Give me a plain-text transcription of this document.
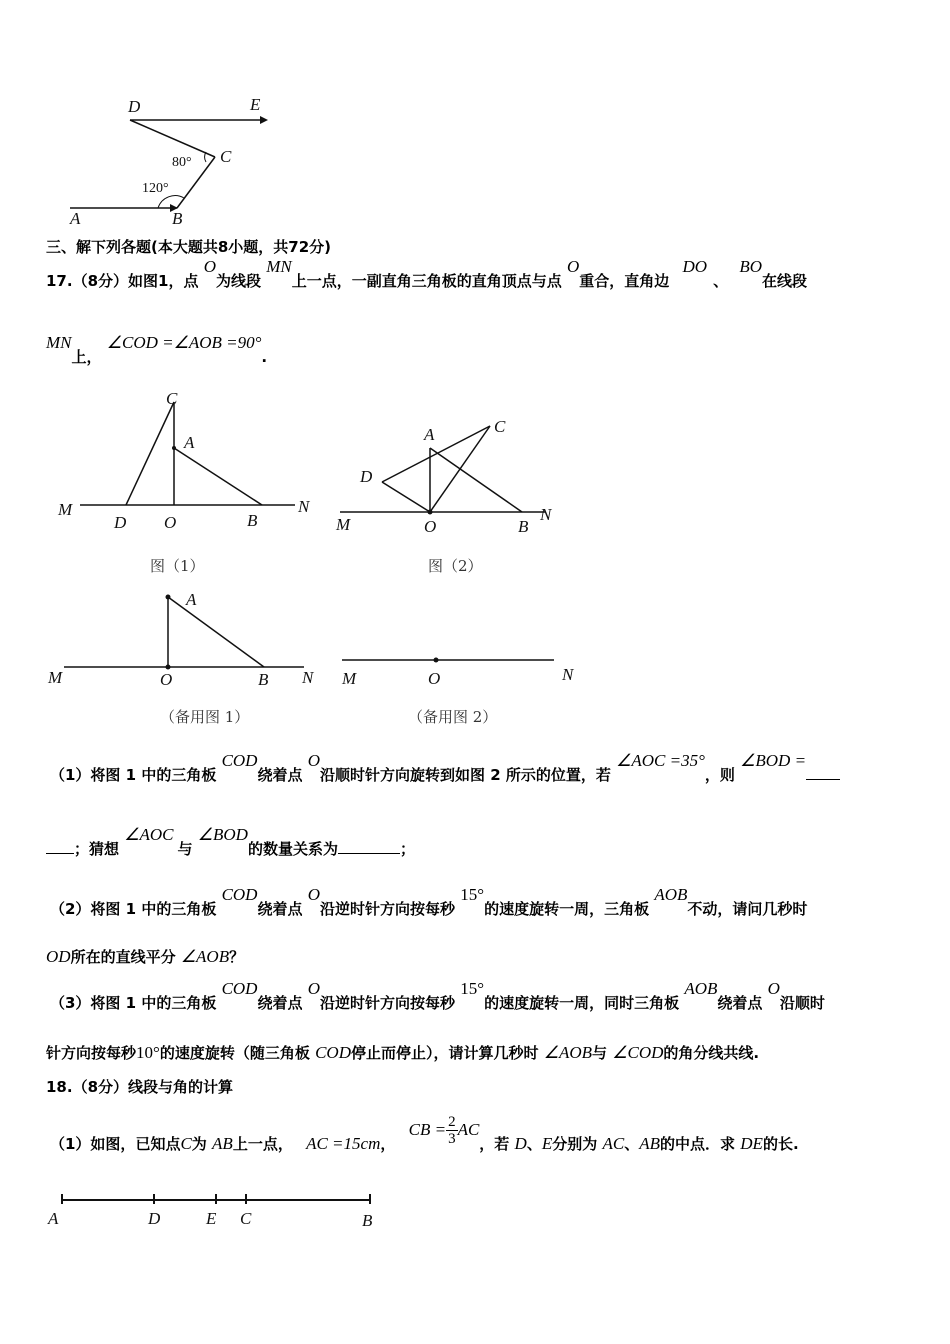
D	E
C
A	B
80°
120°
三、解下列各题(本大题共8小题，共72分)
17.（8分）如图1，点 O为线段 MN上一点，一副直角三角板的直角顶点与点 O重合，直角边 DO、 BO在线段
MN上， ∠COD =∠AOB =90°.
C
A
M
D O	B
N
图（1）
A	C
D
M	O	B
N
图（2）
A
M	O	B N
（备用图 1）
M	O	N
（备用图 2）
（1）将图 1 中的三角板 COD绕着点 O沿顺时针方向旋转到如图 2 所示的位置，若 ∠AOC =35°，则 ∠BOD =
；猜想 ∠AOC与 ∠BOD的数量关系为	；
（2）将图 1 中的三角板 COD绕着点 O沿逆时针方向按每秒 15°的速度旋转一周，三角板 AOB不动，请问几秒时
OD所在的直线平分 ∠AOB？
（3）将图 1 中的三角板 COD绕着点 O沿逆时针方向按每秒 15°的速度旋转一周，同时三角板 AOB绕着点 O沿顺时
针方向按每秒10°的速度旋转（随三角板 COD停止而停止），请计算几秒时 ∠AOB与 ∠COD的角分线共线.
18.（8分）线段与角的计算
（1）如图，已知点C为 AB上一点， AC =15cm， CB = $\frac{2}{3}$ AC，若 D、E分别为 AC、AB的中点．求 DE的长.
A	D	E C	B
